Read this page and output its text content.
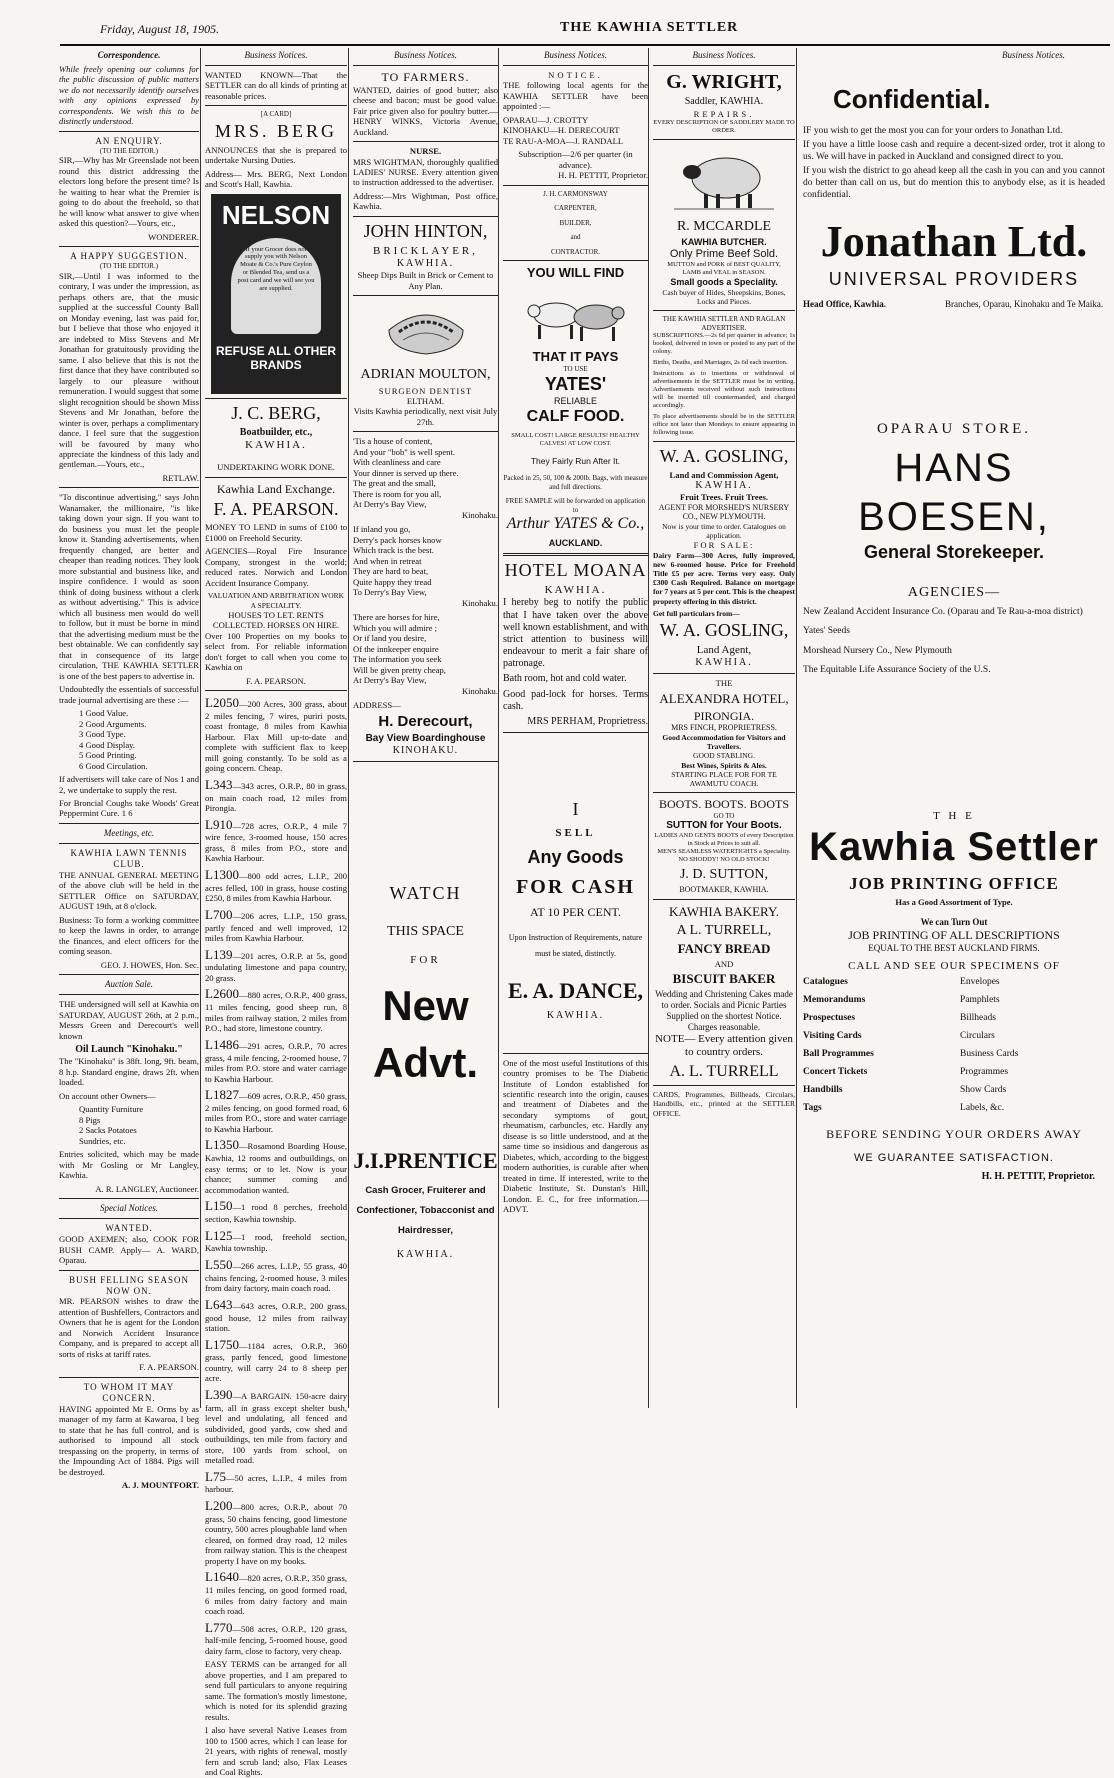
Friday, August 18, 1905.	THE KAWHIA SETTLER
Correspondence.

While freely opening our columns for the public discussion of public matters we do not necessarily identify ourselves with any opinions expressed by correspondents. We wish this to be distinctly understood.

AN ENQUIRY.
(TO THE EDITOR.)

SIR,—Why has Mr Greenslade not been round this district addressing the electors long before the present time? Is he waiting to hear what the Premier is going to do about the freehold, so that he will know what answer to give when asked this question?—Yours, etc.,

WONDERER.
A HAPPY SUGGESTION.
(TO THE EDITOR.)

SIR,—Until I was informed to the contrary, I was under the impression, as perhaps others are, that the music supplied at the successful County Ball on Monday evening, last was paid for, but I believe that those who enjoyed it are indebted to Miss Stevens and Mr Jonathan for gratuitously providing the same. I also believe that this is not the first dance that they have contributed so largely to our pleasure without remuneration. I would suggest that some slight recognition should be shown Miss Stevens and Mr Jonathan, before the winter is over, perhaps a complimentary dance. I feel sure that the suggestion will be favoured by many who appreciate the kindness of this lady and gentleman.—Yours, etc.,

RETLAW.

"To discontinue advertising," says John Wanamaker, the millionaire, "is like taking down your sign. If you want to do business you must let the people know it. Standing advertisements, when frequently changed, are better and cheaper than reading notices. They look more substantial and business like, and inspire confidence. I would as soon think of doing business without a clerk as without advertising." This is advice which all business men would do well to follow, but it must be borne in mind that the advertising medium must be the best obtainable. We can confidently say that in consequence of its large circulation, THE KAWHIA SETTLER is one of the best papers to advertise in.

Undoubtedly the essentials of successful trade journal advertising are these :—

1 Good Value.
2 Good Arguments.
3 Good Type.
4 Good Display.
5 Good Printing.
6 Good Circulation.

If advertisers will take care of Nos 1 and 2, we undertake to supply the rest.

For Broncial Coughs take Woods' Great Peppermint Cure. 1 6

Meetings, etc.
KAWHIA LAWN TENNIS CLUB.

THE ANNUAL GENERAL MEETING of the above club will be held in the SETTLER Office on SATURDAY, AUGUST 19th, at 8 o'clock.

Business: To form a working committee to keep the lawns in order, to arrange the finances, and elect officers for the coming season.

GEO. J. HOWES, Hon. Sec.
Auction Sale.

THE undersigned will sell at Kawhia on SATURDAY, AUGUST 26th, at 2 p.m., Messrs Green and Derecourt's well known

Oil Launch "Kinohaku."

The "Kinohaku" is 38ft. long, 9ft. beam, 8 h.p. Standard engine, draws 2ft. when loaded.

On account other Owners—

Quantity Furniture
8 Pigs
2 Sacks Potatoes
Sundries, etc.

Entries solicited, which may be made with Mr Gosling or Mr Langley, Kawhia.

A. R. LANGLEY, Auctioneer.
Special Notices.
WANTED.

GOOD AXEMEN; also, COOK FOR BUSH CAMP. Apply— A. WARD, Oparau.

BUSH FELLING SEASON NOW ON.

MR. PEARSON wishes to draw the attention of Bushfellers, Contractors and Owners that he is agent for the London and Norwich Accident Insurance Company, and is prepared to accept all sorts of risks at tariff rates.

F. A. PEARSON.
TO WHOM IT MAY CONCERN.

HAVING appointed Mr E. Orms by as manager of my farm at Kawaroa, I beg to state that he has full control, and is authorised to impound all stock trespassing on the property, in terms of the Impounding Act of 1884. Pigs will be destroyed.

A. J. MOUNTFORT.
Business Notices.

WANTED KNOWN—That the SETTLER can do all kinds of printing at reasonable prices.

[A CARD]
MRS. BERG

ANNOUNCES that she is prepared to undertake Nursing Duties.

Address— Mrs. BERG, Next London and Scott's Hall, Kawhia.

NELSON
If your Grocer does not supply you with Nelson Moate & Co.'s Pure Ceylon or Blended Tea, send us a post card and we will see you are supplied.
REFUSE ALL OTHER BRANDS
J. C. BERG,
Boatbuilder, etc.,
KAWHIA.
UNDERTAKING WORK DONE.
Kawhia Land Exchange.
F. A. PEARSON.

MONEY TO LEND in sums of £100 to £1000 on Freehold Security.

AGENCIES—Royal Fire Insurance Company, strongest in the world; reduced rates. Norwich and London Accident Insurance Company.

VALUATION AND ARBITRATION WORK A SPECIALITY.
HOUSES TO LET. RENTS COLLECTED. HORSES ON HIRE.

Over 100 Properties on my books to select from. For reliable information don't forget to call when you come to Kawhia on

F. A. PEARSON.

L2050—200 Acres, 300 grass, about 2 miles fencing, 7 wires, puriri posts, coast frontage, 8 miles from Kawhia Harbour. Flax Mill up-to-date and complete with sufficient flax to keep mill going constantly. To be sold as a going concern. Cheap.

L343—343 acres, O.R.P., 80 in grass, on main coach road, 12 miles from Pirongia.

L910—728 acres, O.R.P., 4 mile 7 wire fence, 3-roomed house, 150 acres grass, 8 miles from P.O., store and Kawhia Harbour.

L1300—800 odd acres, L.I.P., 200 acres felled, 100 in grass, house costing £250, 8 miles from Kawhia Harbour.

L700—206 acres, L.I.P., 150 grass, partly fenced and well improved, 12 miles from Kawhia Harbour.

L139—201 acres, O.R.P. at 5s, good undulating limestone and papa country, 20 grass.

L2600—880 acres, O.R.P., 400 grass, 11 miles fencing, good sheep run, 8 miles from railway station, 2 miles from P.O., had store, limestone country.

L1486—291 acres, O.R.P., 70 acres grass, 4 mile fencing, 2-roomed house, 7 miles from P.O. store and water carriage to Kawhia Harbour.

L1827—609 acres, O.R.P., 450 grass, 2 miles fencing, on good formed road, 6 miles from P.O., store and water carriage to Kawhia Harbour.

L1350—Rosamond Boarding House, Kawhia, 12 rooms and outbuildings, on easy terms; or to let. Now is your chance; summer coming and accommodation wanted.

L150—1 rood 8 perches, freehold section, Kawhia township.

L125—1 rood, freehold section, Kawhia township.

L550—266 acres, L.I.P., 55 grass, 40 chains fencing, 2-roomed house, 3 miles from dairy factory, main coach road.

L643—643 acres, O.R.P., 200 grass, good house, 12 miles from railway station.

L1750—1184 acres, O.R.P., 360 grass, partly fenced, good limestone country, will carry 24 to 8 sheep per acre.

L390—A BARGAIN. 150-acre dairy farm, all in grass except shelter bush, level and undulating, all fenced and subdivided, good yards, cow shed and outbuildings, ten mile from factory and store, 100 yards from school, on metalled road.

L75—50 acres, L.I.P., 4 miles from harbour.

L200—800 acres, O.R.P., about 70 grass, 50 chains fencing, good limestone country, 500 acres ploughable land when cleared, on formed dray road, 12 miles from railway station. This is the cheapest property I have on my books.

L1640—820 acres, O.R.P., 350 grass, 11 miles fencing, on good formed road, 6 miles from dairy factory and main coach road.

L770—508 acres, O.R.P., 120 grass, half-mile fencing, 5-roomed house, good dairy farm, close to factory, very cheap.

EASY TERMS can be arranged for all above properties, and I am prepared to send full particulars to anyone requiring same. The formation's mostly limestone, which is noted for its splendid grazing results.

I also have several Native Leases from 100 to 1500 acres, which I can lease for 21 years, with rights of renewal, mostly fern and scrub land; also, Flax Leases and Coal Rights.

Business Notices.
TO FARMERS.

WANTED, dairies of good butter; also cheese and bacon; must be good value. Fair price given also for poultry butter.—HENRY WINKS, Victoria Avenue, Auckland.

NURSE.

MRS WIGHTMAN, thoroughly qualified LADIES' NURSE. Every attention given to instruction addressed to the advertiser.

Address:—Mrs Wightman, Post office, Kawhia.

JOHN HINTON,
BRICKLAYER,
KAWHIA.
Sheep Dips Built in Brick or Cement to Any Plan.
ADRIAN MOULTON,
SURGEON DENTIST
ELTHAM.
Visits Kawhia periodically, next visit July 27th.
'Tis a house of content,
And your "bob" is well spent.
With cleanliness and care
Your dinner is served up there.
The great and the small,
There is room for you all,
At Derry's Bay View,
Kinohaku.
If inland you go,
Derry's pack horses know
Which track is the best.
And when in retreat
They are hard to beat,
Quite happy they tread
To Derry's Bay View,
Kinohaku.
There are horses for hire,
Which you will admire ;
Or if land you desire,
Of the innkeeper enquire
The information you seek
Will be given pretty cheap,
At Derry's Bay View,
Kinohaku.
ADDRESS—
H. Derecourt,
Bay View Boardinghouse
KINOHAKU.
WATCH
THIS SPACE
FOR
New
Advt.
J.I.PRENTICE
Cash Grocer, Fruiterer and Confectioner, Tobacconist and Hairdresser,
KAWHIA.
Business Notices.
NOTICE.

THE following local agents for the KAWHIA SETTLER have been appointed :—

OPARAU—J. CROTTY
KINOHAKU—H. DERECOURT
TE RAU-A-MOA—J. RANDALL
Subscription—2/6 per quarter (in advance).
H. H. PETTIT, Proprietor.
J. H. CARMONSWAY
CARPENTER,
BUILDER,
and
CONTRACTOR.
YOU WILL FIND
THAT IT PAYS
TO USE
YATES'
RELIABLE
CALF FOOD.
SMALL COST! LARGE RESULTS! HEALTHY CALVES! AT LOW COST.
They Fairly Run After It.
Packed in 25, 50, 100 & 200lb. Bags, with measure and full directions.
FREE SAMPLE will be forwarded on application to
Arthur YATES & Co.,
AUCKLAND.
HOTEL MOANA
KAWHIA.

I hereby beg to notify the public that I have taken over the above well known establishment, and with strict attention to business will endeavour to merit a fair share of patronage.

Bath room, hot and cold water.

Good pad-lock for horses. Terms cash.

MRS PERHAM, Proprietress.
I
SELL
Any Goods
FOR CASH
AT 10 PER CENT.
Upon Instruction of Requirements, nature must be stated, distinctly.
E. A. DANCE,
KAWHIA.

One of the most useful Institutions of this country promises to be The Diabetic Institute of London established for scientific research into the origin, causes and treatment of Diabetes and the secondary symptoms of gout, rheumatism, carbuncles, etc. Hardly any disease is so little understood, and at the same time so insidious and dangerous as Diabetes, which, according to the biggest modern authorities, is curable after when treated in time. If interested, write to the Diabetic Institute, St. Dunstan's Hill, London. E. C., for free information.—ADVT.

Business Notices.
G. WRIGHT,
Saddler, KAWHIA.
REPAIRS.
EVERY DESCRIPTION OF SADDLERY MADE TO ORDER.
R. MCCARDLE
KAWHIA BUTCHER.
Only Prime Beef Sold.
MUTTON and PORK of BEST QUALITY,
LAMB and VEAL in SEASON.
Small goods a Speciality.
Cash buyer of Hides, Sheepskins, Bones, Locks and Pieces.
THE KAWHIA SETTLER AND RAGLAN ADVERTISER.

SUBSCRIPTIONS.—2s 6d per quarter in advance; 1s booked, delivered in town or posted to any part of the colony.

Births, Deaths, and Marriages, 2s 6d each insertion.

Instructions as to insertions or withdrawal of advertisements in the SETTLER must be in writing. Advertisements received without such instructions will be inserted till countermanded, and charged accordingly.

To place advertisements should be in the SETTLER office not later than Mondays to ensure appearing in following issue.

W. A. GOSLING,
Land and Commission Agent,
KAWHIA.
Fruit Trees. Fruit Trees.
AGENT FOR MORSHED'S NURSERY CO., NEW PLYMOUTH.
Now is your time to order. Catalogues on application.
FOR SALE:

Dairy Farm—300 Acres, fully improved, new 6-roomed house. Price for Freehold Title £5 per acre. Terms very easy. Only £300 Cash Required. Balance on mortgage for 7 years at 5 per cent. This is the cheapest property offering in this district.

Get full particulars from—
W. A. GOSLING,
Land Agent,
KAWHIA.
THE
ALEXANDRA HOTEL,
PIRONGIA.
MRS FINCH, PROPRIETRESS.
Good Accommodation for Visitors and Travellers.
GOOD STABLING.
Best Wines, Spirits & Ales.
STARTING PLACE FOR FOR TE AWAMUTU COACH.
BOOTS. BOOTS. BOOTS
GO TO
SUTTON for Your Boots.
LADIES AND GENTS BOOTS of every Description in Stock at Prices to suit all.
MEN'S SEAMLESS WATERTIGHTS a Speciality.
NO SHODDY! NO OLD STOCK!
J. D. SUTTON,
BOOTMAKER, KAWHIA.
KAWHIA BAKERY.
A L. TURRELL,
FANCY BREAD
AND
BISCUIT BAKER
Wedding and Christening Cakes made to order. Socials and Picnic Parties Supplied on the shortest Notice.
Charges reasonable.
NOTE— Every attention given to country orders.
A. L. TURRELL

CARDS, Programmes, Billheads, Circulars, Handbills, etc., printed at the SETTLER OFFICE.

Business Notices.
Confidential.

IF you wish to get the most you can for your orders to Jonathan Ltd.

If you have a little loose cash and require a decent-sized order, trot it along to us. We will have in packed in Auckland and consigned direct to you.

If you wish the district to go ahead keep all the cash in you can and you cannot do better than call on us, but do mention this to anybody else, as it is headed confidential.

Jonathan Ltd.
UNIVERSAL PROVIDERS
Head Office, Kawhia.	Branches, Oparau, Kinohaku and Te Maika.
OPARAU STORE.
HANS BOESEN,
General Storekeeper.
AGENCIES—

New Zealand Accident Insurance Co. (Oparau and Te Rau-a-moa district)

Yates' Seeds

Morshead Nursery Co., New Plymouth

The Equitable Life Assurance Society of the U.S.

T H E
Kawhia Settler
JOB PRINTING OFFICE
Has a Good Assortment of Type.
We can Turn Out
JOB PRINTING OF ALL DESCRIPTIONS
EQUAL TO THE BEST AUCKLAND FIRMS.
CALL AND SEE OUR SPECIMENS OF
Catalogues
Memorandums
Prospectuses
Visiting Cards
Ball Programmes
Concert Tickets
Handbills
Tags
Envelopes
Pamphlets
Billheads
Circulars
Business Cards
Programmes
Show Cards
Labels, &c.
BEFORE SENDING YOUR ORDERS AWAY
WE GUARANTEE SATISFACTION.
H. H. PETTIT, Proprietor.
